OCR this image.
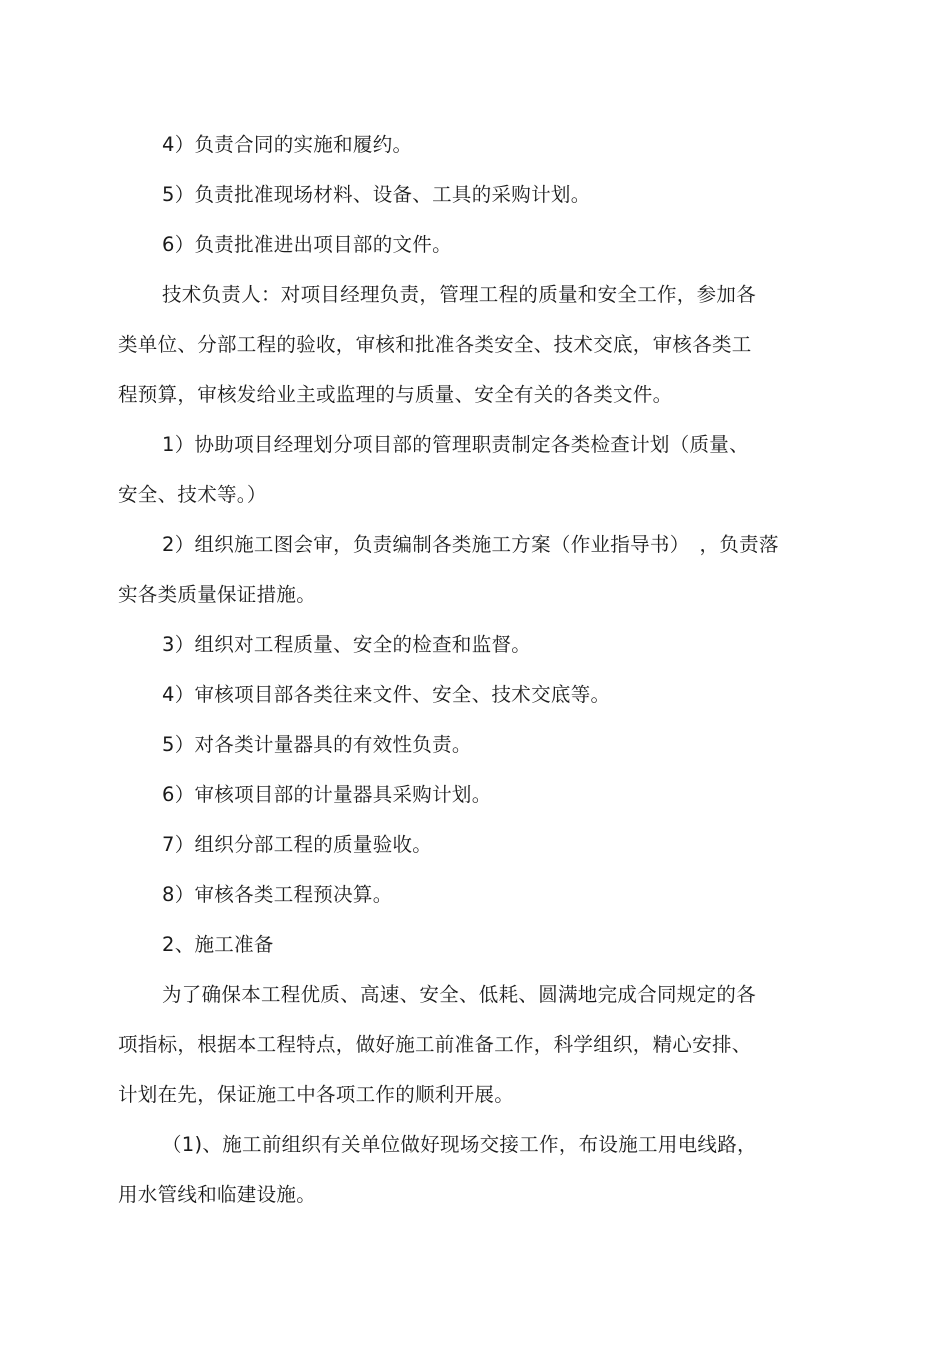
4）负责合同的实施和履约。
5）负责批准现场材料、设备、工具的采购计划。
6）负责批准进出项目部的文件。
技术负责人：对项目经理负责，管理工程的质量和安全工作，参加各
类单位、分部工程的验收，审核和批准各类安全、技术交底，审核各类工
程预算，审核发给业主或监理的与质量、安全有关的各类文件。
1）协助项目经理划分项目部的管理职责制定各类检查计划（质量、
安全、技术等。）
2）组织施工图会审，负责编制各类施工方案（作业指导书）　，负责落
实各类质量保证措施。
3）组织对工程质量、安全的检查和监督。
4）审核项目部各类往来文件、安全、技术交底等。
5）对各类计量器具的有效性负责。
6）审核项目部的计量器具采购计划。
7）组织分部工程的质量验收。
8）审核各类工程预决算。
2、施工准备
为了确保本工程优质、高速、安全、低耗、圆满地完成合同规定的各
项指标，根据本工程特点，做好施工前准备工作，科学组织，精心安排、
计划在先，保证施工中各项工作的顺利开展。
（1)、施工前组织有关单位做好现场交接工作，布设施工用电线路，
用水管线和临建设施。
